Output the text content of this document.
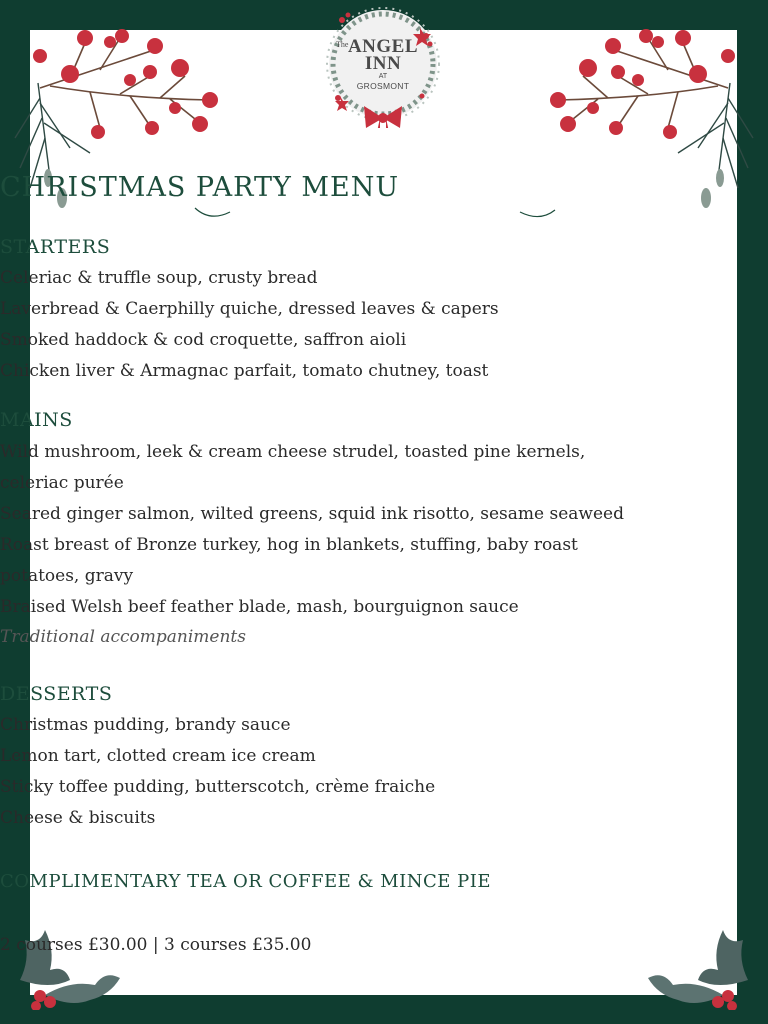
The ANGEL
INN
AT
GROSMONT
CHRISTMAS PARTY MENU
STARTERS
Celeriac & truffle soup, crusty bread
Laverbread & Caerphilly quiche, dressed leaves & capers
Smoked haddock & cod croquette, saffron aioli
Chicken liver & Armagnac parfait, tomato chutney, toast
MAINS
Wild mushroom, leek & cream cheese strudel, toasted pine kernels,
celeriac purée
Seared ginger salmon, wilted greens, squid ink risotto, sesame seaweed
Roast breast of Bronze turkey, hog in blankets, stuffing, baby roast
potatoes, gravy
Braised Welsh beef feather blade, mash, bourguignon sauce
Traditional accompaniments
DESSERTS
Christmas pudding, brandy sauce
Lemon tart, clotted cream ice cream
Sticky toffee pudding, butterscotch, crème fraiche
Cheese & biscuits
COMPLIMENTARY TEA OR COFFEE & MINCE PIE
2 courses £30.00 | 3 courses £35.00
